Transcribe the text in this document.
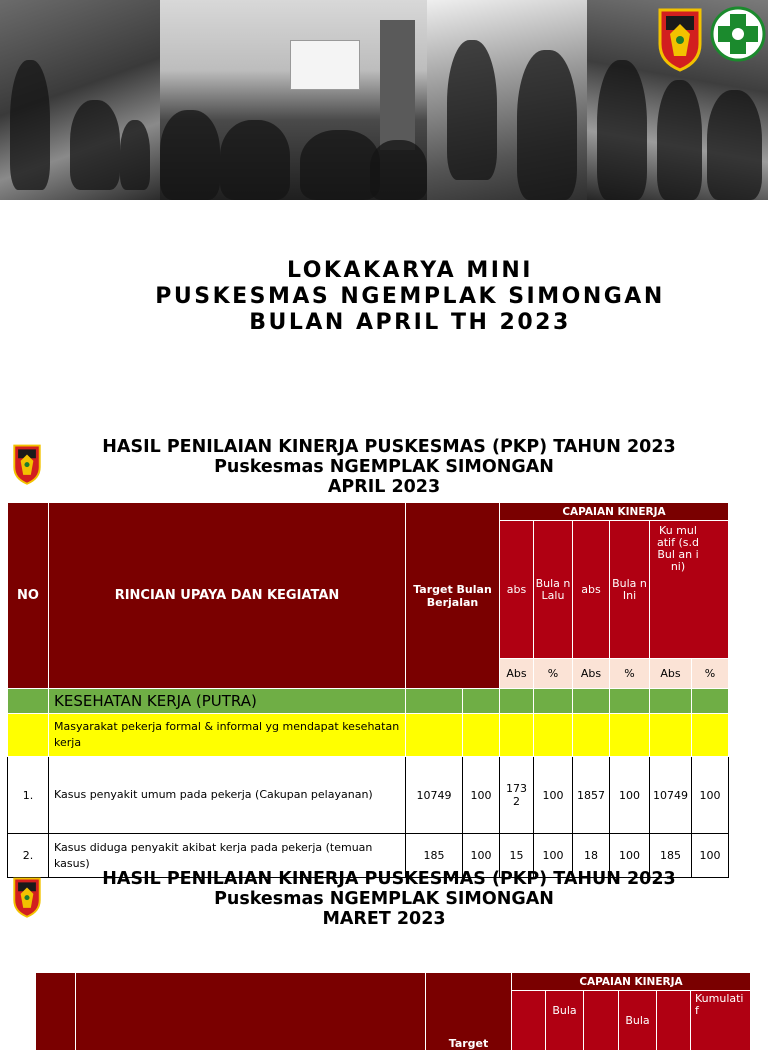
LOKAKARYA MINI
PUSKESMAS NGEMPLAK SIMONGAN
BULAN APRIL TH 2023
HASIL PENILAIAN KINERJA PUSKESMAS (PKP) TAHUN 2023
Puskesmas NGEMPLAK SIMONGAN
APRIL 2023
NO	RINCIAN UPAYA DAN KEGIATAN	Target Bulan Berjalan		CAPAIAN KINERJA					
				abs	Bula n Lalu	abs	Bula n Ini	Ku mul atif (s.d Bul an ini)	
				Abs	%	Abs	%	Abs	%
	KESEHATAN KERJA (PUTRA)								
	Masyarakat pekerja formal & informal yg mendapat kesehatan kerja								
1.	Kasus penyakit umum pada pekerja (Cakupan pelayanan)	10749	100	173 2	100	1857	100	10749	100
2.	Kasus diduga penyakit akibat kerja pada pekerja (temuan kasus)	185	100	15	100	18	100	185	100
HASIL PENILAIAN KINERJA PUSKESMAS (PKP) TAHUN 2023
Puskesmas NGEMPLAK SIMONGAN
MARET 2023
		Target	CAPAIAN KINERJA					
				Bula		Bula		Kumulati f
